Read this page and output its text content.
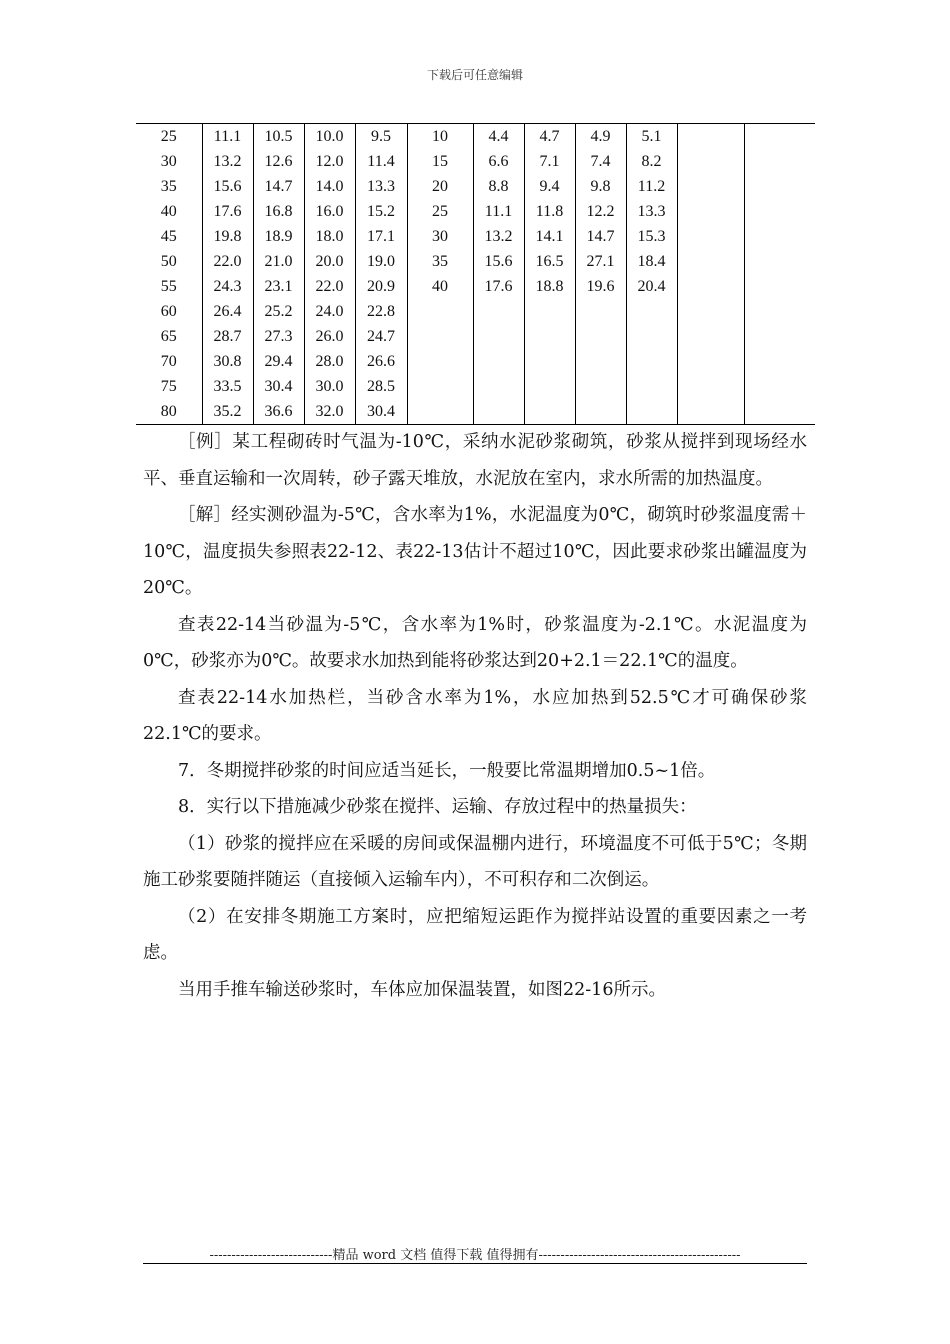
下载后可任意编辑
25	11.1	10.5	10.0	9.5	10	4.4	4.7	4.9	5.1		
30	13.2	12.6	12.0	11.4	15	6.6	7.1	7.4	8.2		
35	15.6	14.7	14.0	13.3	20	8.8	9.4	9.8	11.2		
40	17.6	16.8	16.0	15.2	25	11.1	11.8	12.2	13.3		
45	19.8	18.9	18.0	17.1	30	13.2	14.1	14.7	15.3		
50	22.0	21.0	20.0	19.0	35	15.6	16.5	27.1	18.4		
55	24.3	23.1	22.0	20.9	40	17.6	18.8	19.6	20.4		
60	26.4	25.2	24.0	22.8							
65	28.7	27.3	26.0	24.7							
70	30.8	29.4	28.0	26.6							
75	33.5	30.4	30.0	28.5							
80	35.2	36.6	32.0	30.4							

［例］某工程砌砖时气温为-10℃，采纳水泥砂浆砌筑，砂浆从搅拌到现场经水平、垂直运输和一次周转，砂子露天堆放，水泥放在室内，求水所需的加热温度。

［解］经实测砂温为-5℃，含水率为1%，水泥温度为0℃，砌筑时砂浆温度需＋10℃，温度损失参照表22-12、表22-13估计不超过10℃，因此要求砂浆出罐温度为20℃。

查表22-14当砂温为-5℃，含水率为1%时，砂浆温度为-2.1℃。水泥温度为0℃，砂浆亦为0℃。故要求水加热到能将砂浆达到20+2.1＝22.1℃的温度。

查表22-14水加热栏，当砂含水率为1%，水应加热到52.5℃才可确保砂浆22.1℃的要求。

7．冬期搅拌砂浆的时间应适当延长，一般要比常温期增加0.5~1倍。

8．实行以下措施减少砂浆在搅拌、运输、存放过程中的热量损失：

（1）砂浆的搅拌应在采暖的房间或保温棚内进行，环境温度不可低于5℃；冬期施工砂浆要随拌随运（直接倾入运输车内），不可积存和二次倒运。

（2）在安排冬期施工方案时，应把缩短运距作为搅拌站设置的重要因素之一考虑。

当用手推车输送砂浆时，车体应加保温装置，如图22-16所示。

----------------------------精品 word 文档 值得下载 值得拥有----------------------------------------------
